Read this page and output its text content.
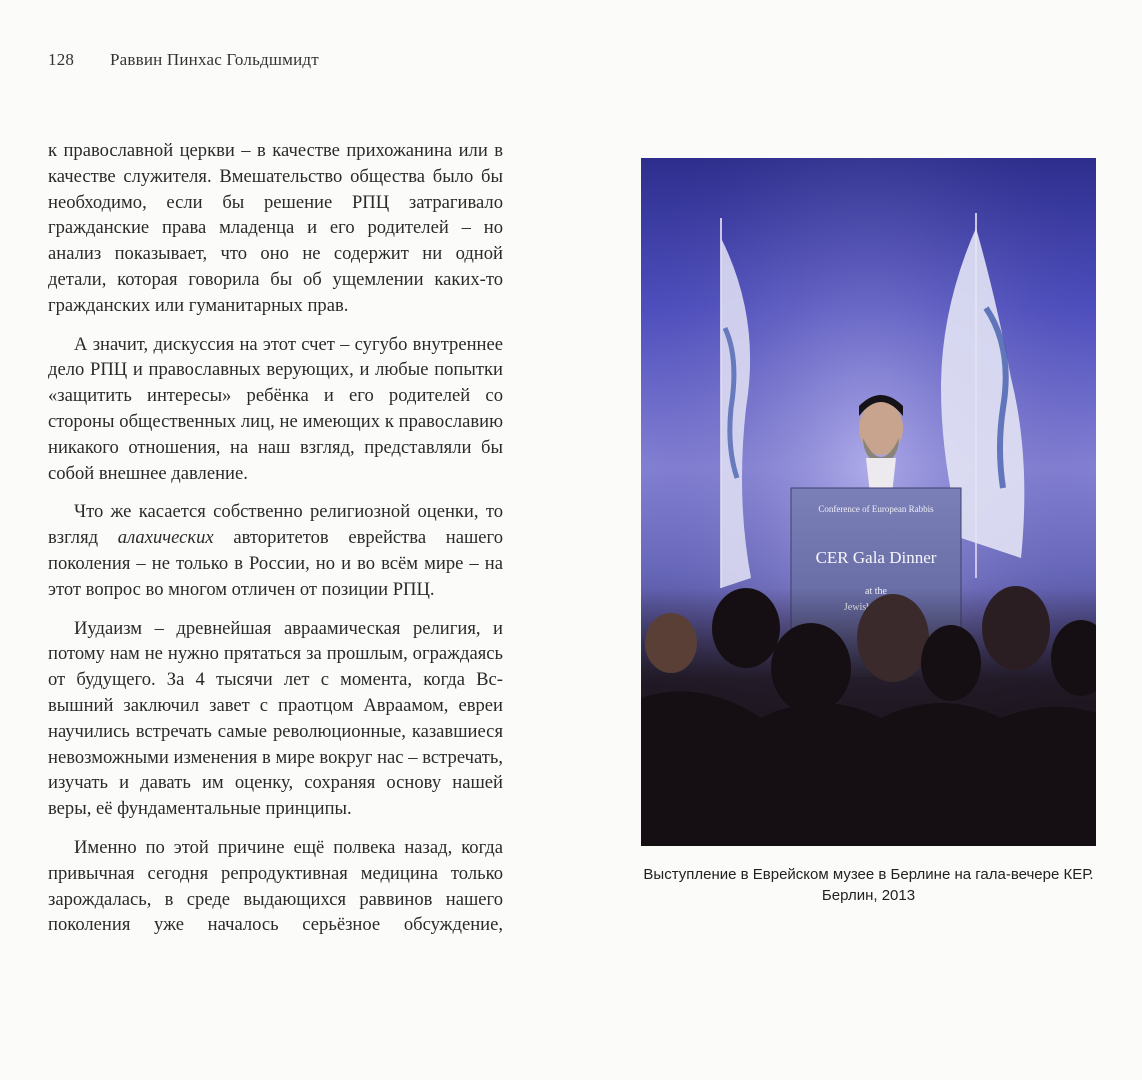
128 Раввин Пинхас Гольдшмидт

к православной церкви – в качестве прихожанина или в качестве служителя. Вмешательство общества было бы необходимо, если бы решение РПЦ затрагивало гражданские права младенца и его родителей – но анализ показывает, что оно не содержит ни одной детали, которая говорила бы об ущемлении каких-то гражданских или гуманитарных прав.

А значит, дискуссия на этот счет – сугубо внутреннее дело РПЦ и православных верующих, и любые попытки «защитить интересы» ребёнка и его родителей со стороны общественных лиц, не имеющих к православию никакого отношения, на наш взгляд, представляли бы собой внешнее давление.

Что же касается собственно религиозной оценки, то взгляд алахических авторитетов еврейства нашего поколения – не только в России, но и во всём мире – на этот вопрос во многом отличен от позиции РПЦ.

Иудаизм – древнейшая авраамическая религия, и потому нам не нужно прятаться за прошлым, ограждаясь от будущего. За 4 тысячи лет с момента, когда Вс-вышний заключил завет с праотцом Авраамом, евреи научились встречать самые революционные, казавшиеся невозможными изменения в мире вокруг нас – встречать, изучать и давать им оценку, сохраняя основу нашей веры, её фундаментальные принципы.

Именно по этой причине ещё полвека назад, когда привычная сегодня репродуктивная медицина только зарождалась, в среде выдающихся раввинов нашего поколения уже началось серьёзное обсуждение,

Conference of European Rabbis
CER Gala Dinner
Выступление в Еврейском музее в Берлине на гала-вечере КЕР.
Берлин, 2013
